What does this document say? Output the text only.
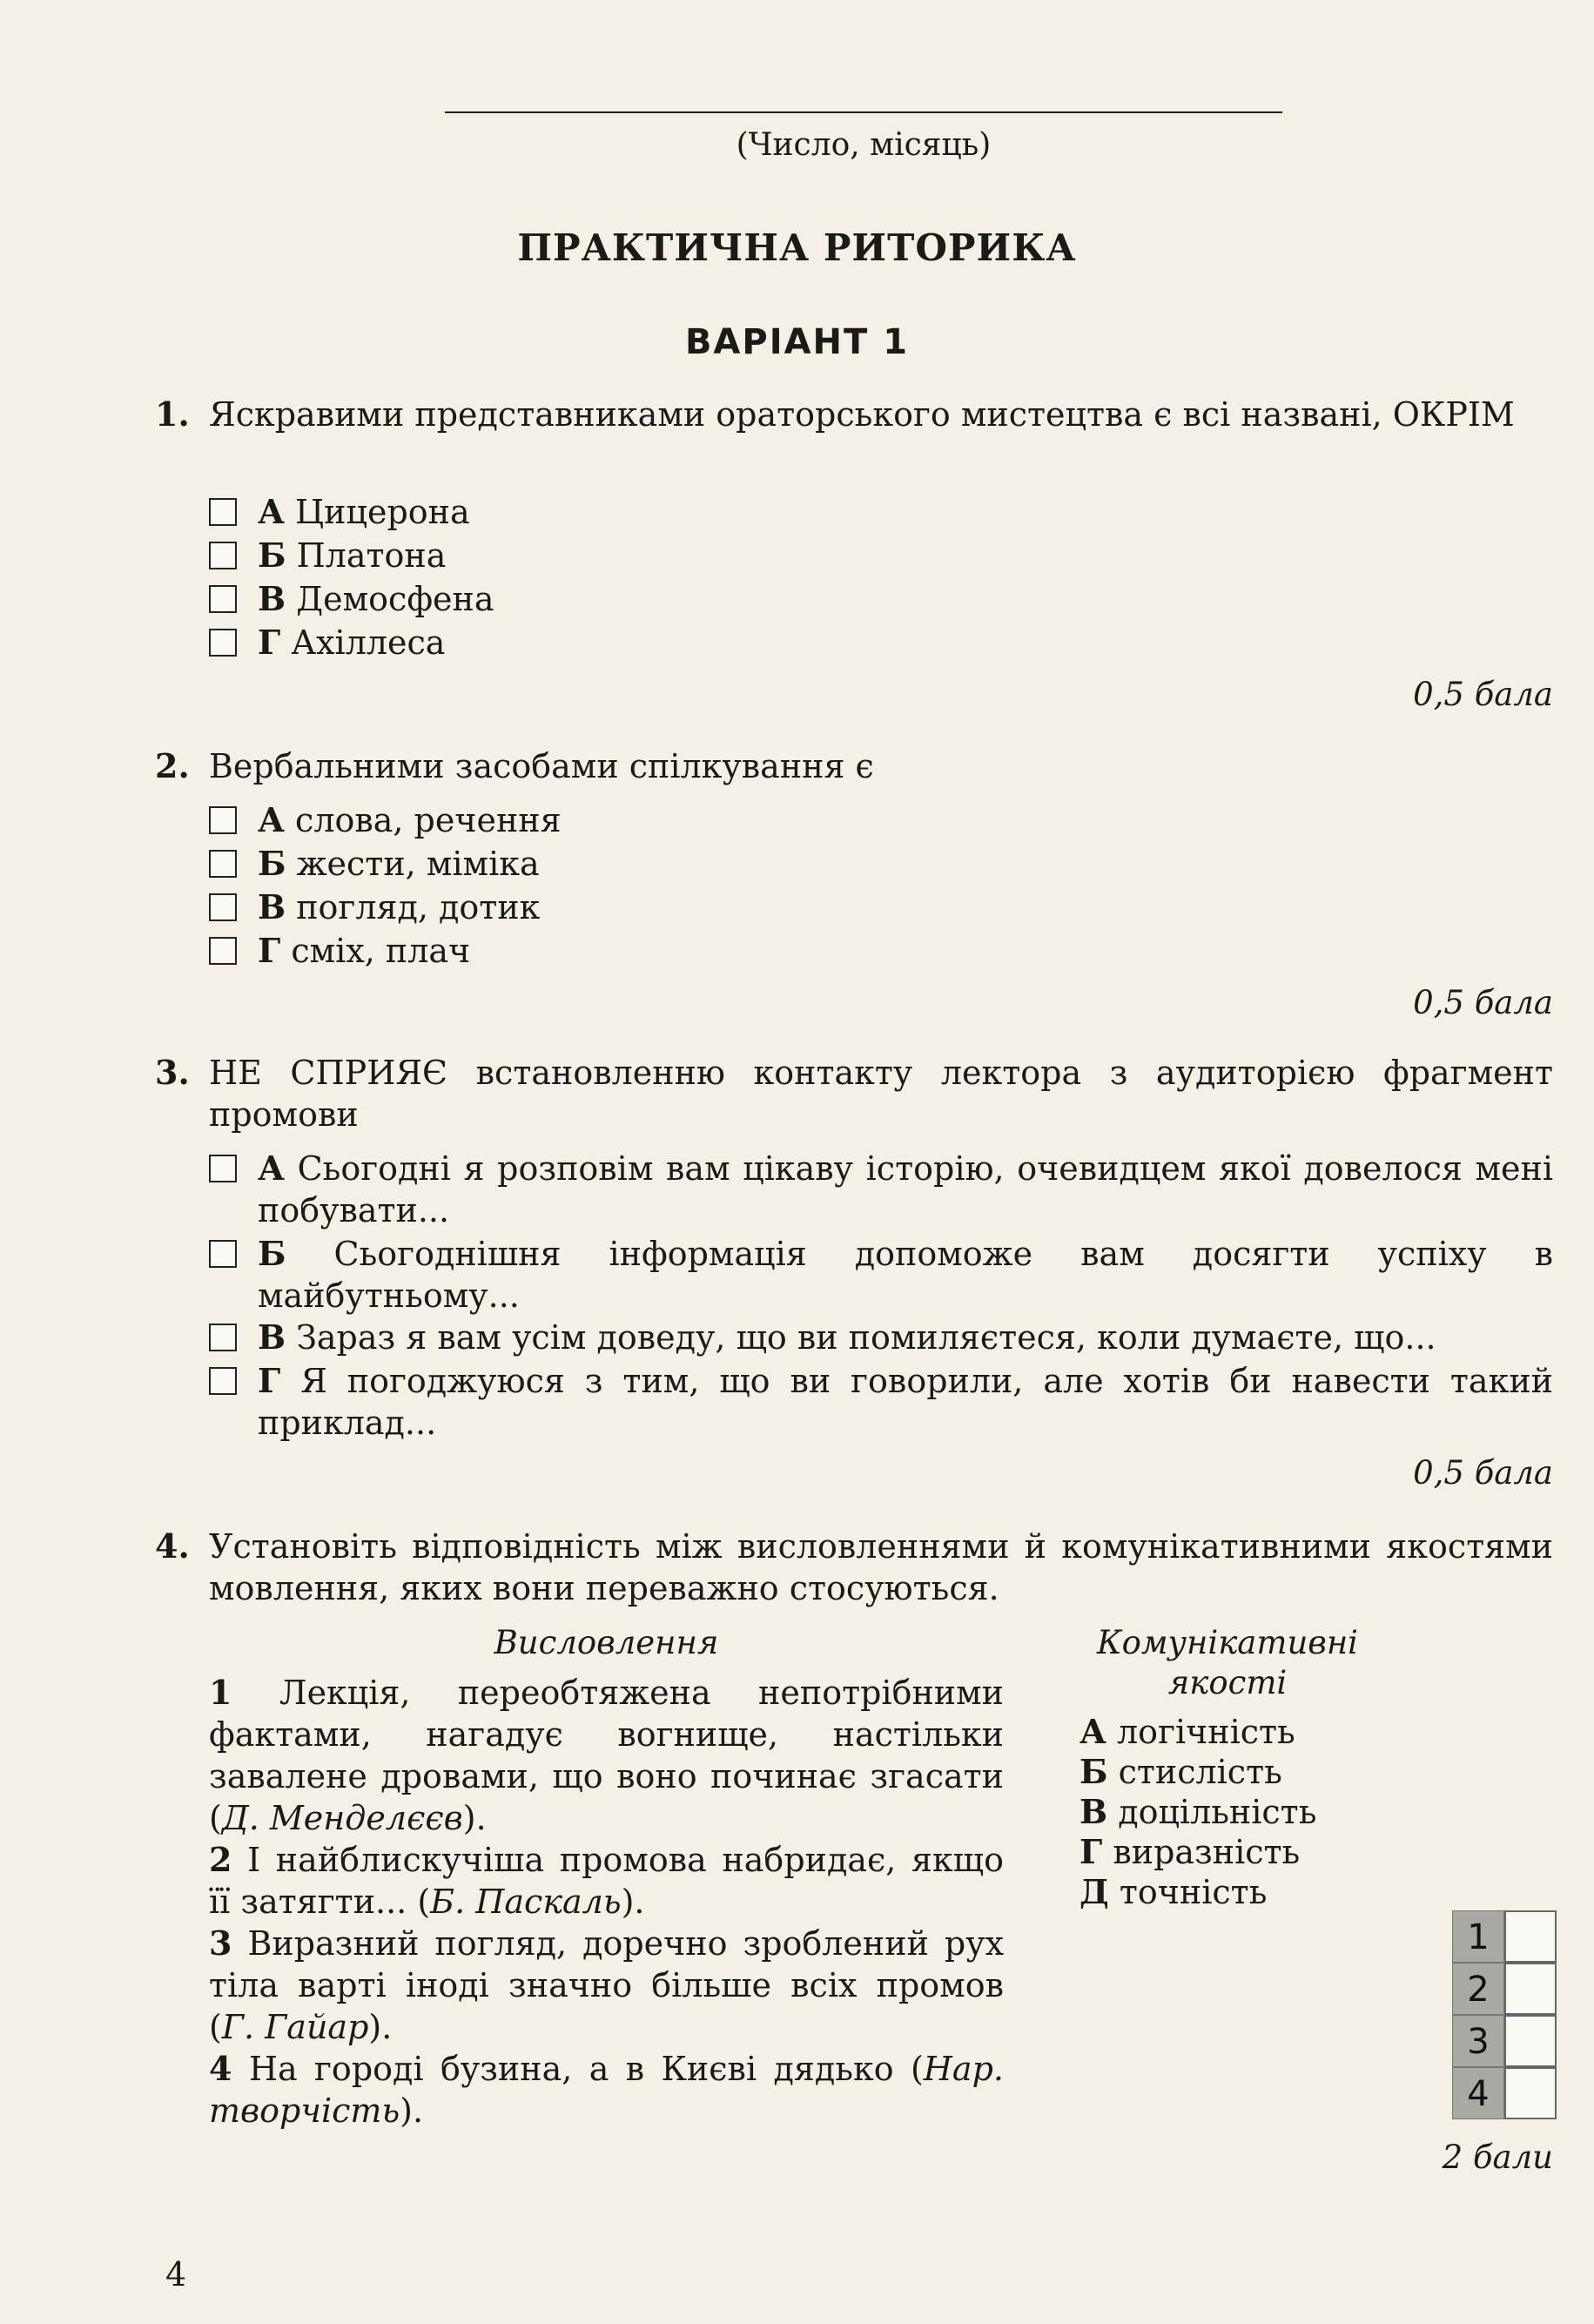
(Число, місяць)
ПРАКТИЧНА РИТОРИКА
ВАРІАНТ 1
1. Яскравими представниками ораторського мистецтва є всі названі, ОКРІМ
А Цицерона
Б Платона
В Демосфена
Г Ахіллеса
0,5 бала
2. Вербальними засобами спілкування є
А слова, речення
Б жести, міміка
В погляд, дотик
Г сміх, плач
0,5 бала
3. НЕ СПРИЯЄ встановленню контакту лектора з аудиторією фрагмент промови
А Сьогодні я розповім вам цікаву історію, очевидцем якої довелося мені побувати...
Б Сьогоднішня інформація допоможе вам досягти успіху в майбутньому...
В Зараз я вам усім доведу, що ви помиляєтеся, коли думаєте, що...
Г Я погоджуюся з тим, що ви говорили, але хотів би навести такий приклад...
0,5 бала
4. Установіть відповідність між висловленнями й комунікативними якостями мовлення, яких вони переважно стосуються.
Висловлення	Комунікативні якості
1 Лекція, переобтяжена непотрібними фактами, нагадує вогнище, настільки завалене дровами, що воно починає згасати (Д. Менделєєв).
2 І найблискучіша промова набридає, якщо її затягти... (Б. Паскаль).
3 Виразний погляд, доречно зроблений рух тіла варті іноді значно більше всіх промов (Г. Гайар).
4 На городі бузина, а в Києві дядько (Нар. творчість).
А логічність
Б стислість
В доцільність
Г виразність
Д точність
1
2
3
4
2 бали
4
